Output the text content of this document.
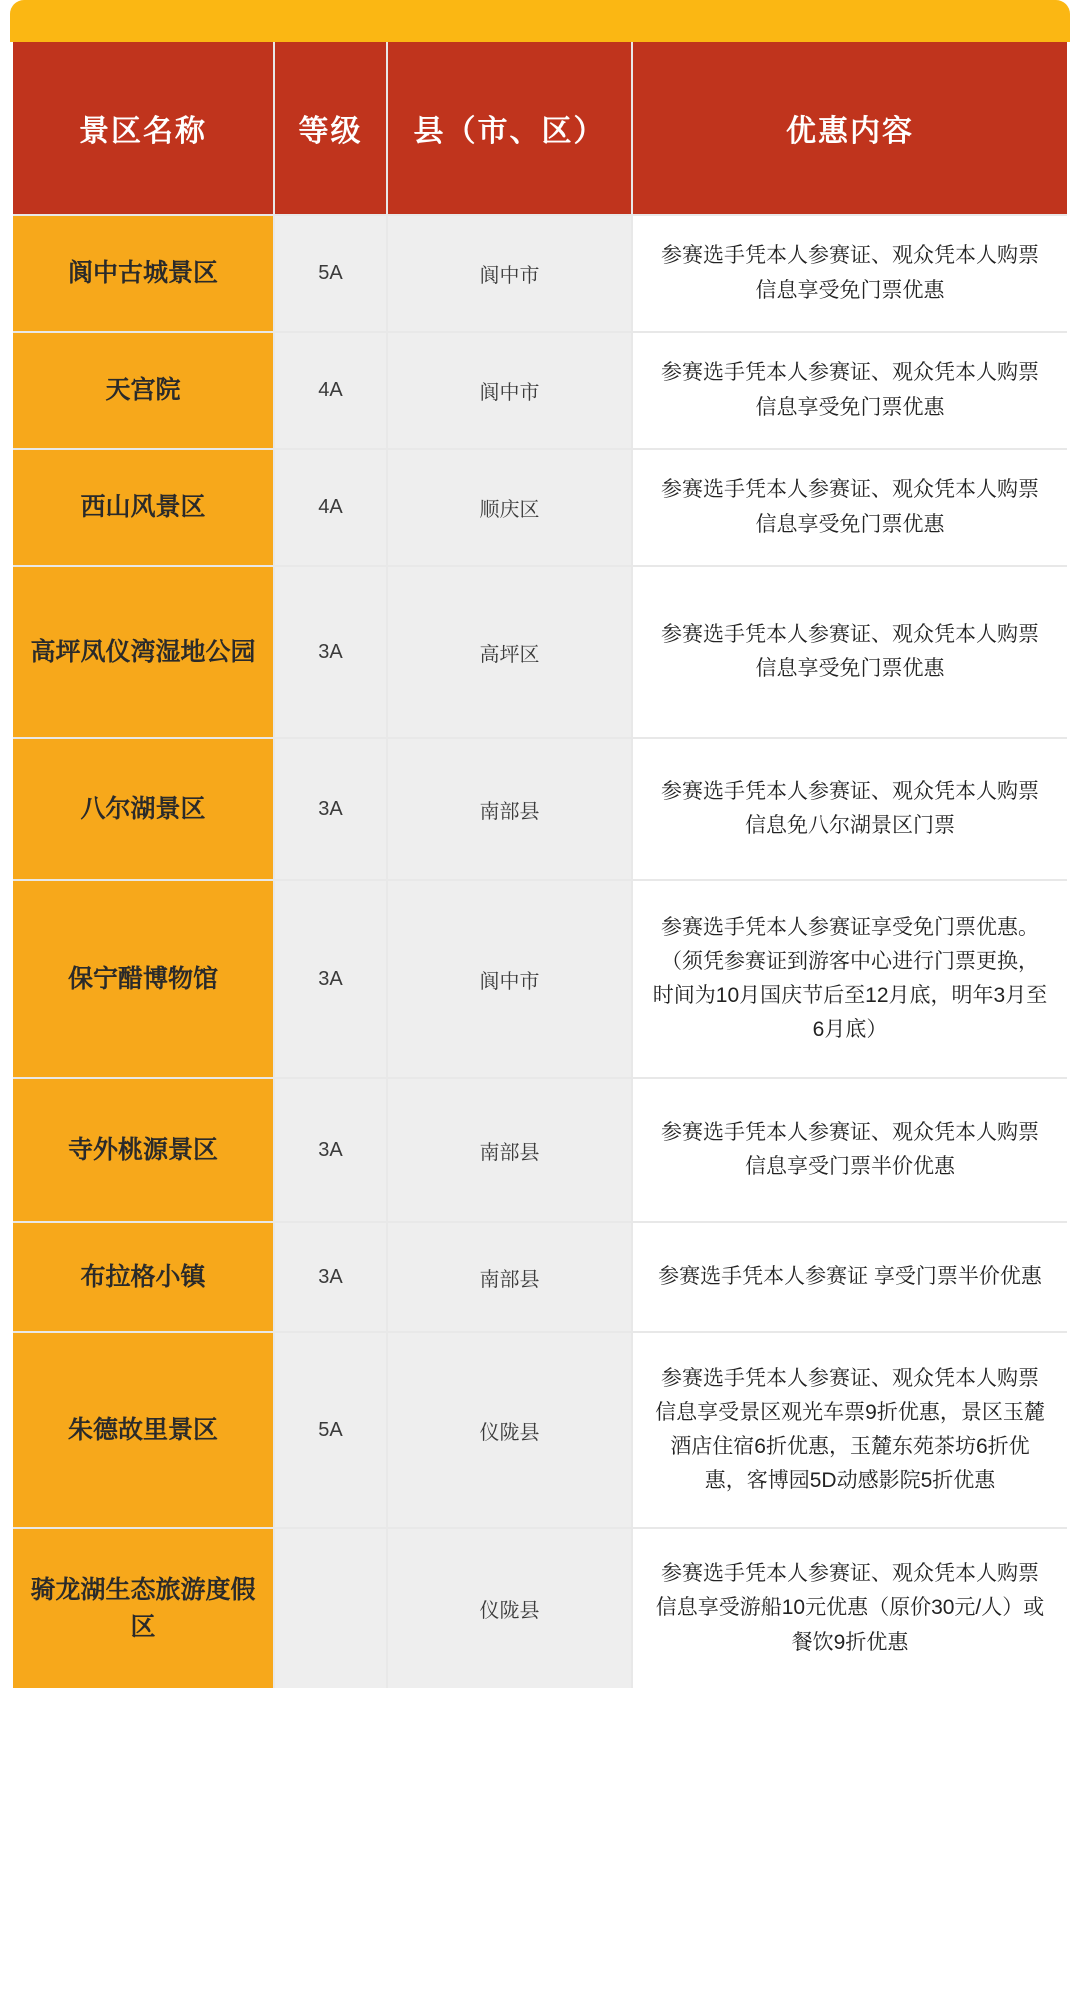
景区名称	等级	县（市、区）	优惠内容
阆中古城景区	5A	阆中市	参赛选手凭本人参赛证、观众凭本人购票信息享受免门票优惠
天宫院	4A	阆中市	参赛选手凭本人参赛证、观众凭本人购票信息享受免门票优惠
西山风景区	4A	顺庆区	参赛选手凭本人参赛证、观众凭本人购票信息享受免门票优惠
高坪凤仪湾湿地公园	3A	高坪区	参赛选手凭本人参赛证、观众凭本人购票信息享受免门票优惠
八尔湖景区	3A	南部县	参赛选手凭本人参赛证、观众凭本人购票信息免八尔湖景区门票
保宁醋博物馆	3A	阆中市	参赛选手凭本人参赛证享受免门票优惠。（须凭参赛证到游客中心进行门票更换，时间为10月国庆节后至12月底，明年3月至6月底）
寺外桃源景区	3A	南部县	参赛选手凭本人参赛证、观众凭本人购票信息享受门票半价优惠
布拉格小镇	3A	南部县	参赛选手凭本人参赛证 享受门票半价优惠
朱德故里景区	5A	仪陇县	参赛选手凭本人参赛证、观众凭本人购票信息享受景区观光车票9折优惠，景区玉麓酒店住宿6折优惠，玉麓东苑茶坊6折优惠，客博园5D动感影院5折优惠
骑龙湖生态旅游度假区		仪陇县	参赛选手凭本人参赛证、观众凭本人购票信息享受游船10元优惠（原价30元/人）或餐饮9折优惠
